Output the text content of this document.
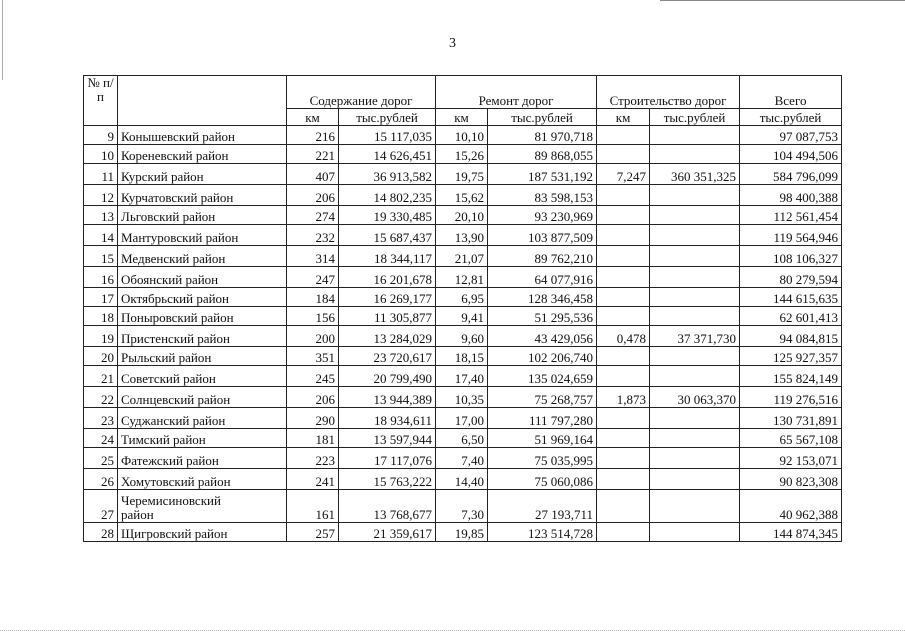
3
№ п/п		Содержание дорог		Ремонт дорог		Строительство дорог		Всего
		км	тыс.рублей	км	тыс.рублей	км	тыс.рублей	тыс.рублей
9	Конышевский район	216	15 117,035	10,10	81 970,718			97 087,753
10	Кореневский район	221	14 626,451	15,26	89 868,055			104 494,506
11	Курский район	407	36 913,582	19,75	187 531,192	7,247	360 351,325	584 796,099
12	Курчатовский район	206	14 802,235	15,62	83 598,153			98 400,388
13	Льговский район	274	19 330,485	20,10	93 230,969			112 561,454
14	Мантуровский район	232	15 687,437	13,90	103 877,509			119 564,946
15	Медвенский район	314	18 344,117	21,07	89 762,210			108 106,327
16	Обоянский район	247	16 201,678	12,81	64 077,916			80 279,594
17	Октябрьский район	184	16 269,177	6,95	128 346,458			144 615,635
18	Поныровский район	156	11 305,877	9,41	51 295,536			62 601,413
19	Пристенский район	200	13 284,029	9,60	43 429,056	0,478	37 371,730	94 084,815
20	Рыльский район	351	23 720,617	18,15	102 206,740			125 927,357
21	Советский район	245	20 799,490	17,40	135 024,659			155 824,149
22	Солнцевский район	206	13 944,389	10,35	75 268,757	1,873	30 063,370	119 276,516
23	Суджанский район	290	18 934,611	17,00	111 797,280			130 731,891
24	Тимский район	181	13 597,944	6,50	51 969,164			65 567,108
25	Фатежский район	223	17 117,076	7,40	75 035,995			92 153,071
26	Хомутовский район	241	15 763,222	14,40	75 060,086			90 823,308
27	Черемисиновский район	161	13 768,677	7,30	27 193,711			40 962,388
28	Щигровский район	257	21 359,617	19,85	123 514,728			144 874,345
